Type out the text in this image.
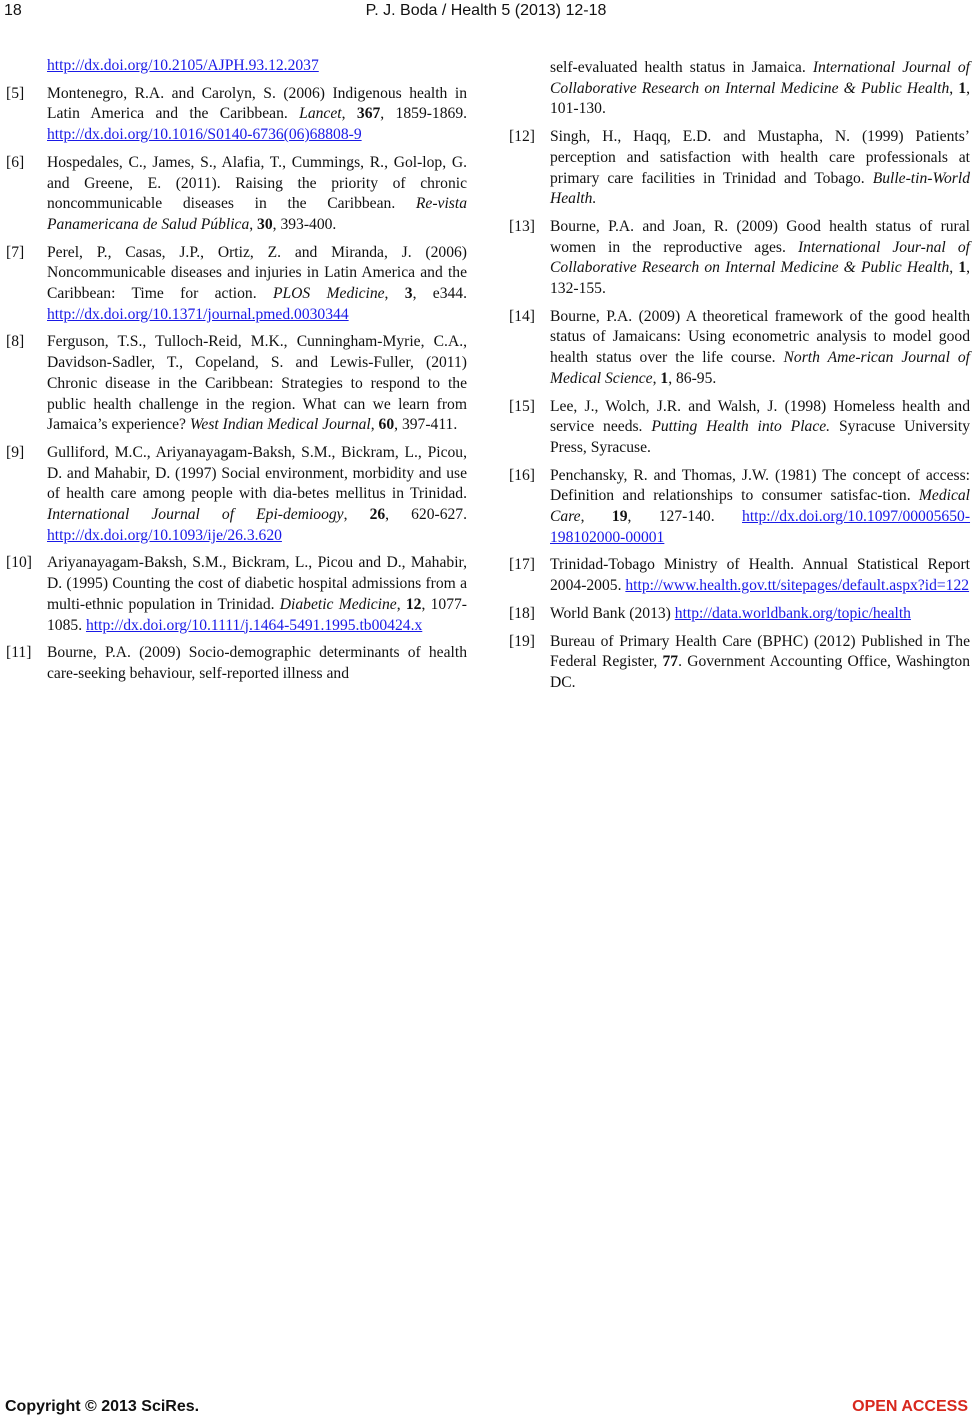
18	P. J. Boda / Health 5 (2013) 12-18
http://dx.doi.org/10.2105/AJPH.93.12.2037
[5]	Montenegro, R.A. and Carolyn, S. (2006) Indigenous health in Latin America and the Caribbean. Lancet, 367, 1859-1869. http://dx.doi.org/10.1016/S0140-6736(06)68808-9
[6]	Hospedales, C., James, S., Alafia, T., Cummings, R., Gol-lop, G. and Greene, E. (2011). Raising the priority of chronic noncommunicable diseases in the Caribbean. Re-vista Panamericana de Salud Pública, 30, 393-400.
[7]	Perel, P., Casas, J.P., Ortiz, Z. and Miranda, J. (2006) Noncommunicable diseases and injuries in Latin America and the Caribbean: Time for action. PLOS Medicine, 3, e344. http://dx.doi.org/10.1371/journal.pmed.0030344
[8]	Ferguson, T.S., Tulloch-Reid, M.K., Cunningham-Myrie, C.A., Davidson-Sadler, T., Copeland, S. and Lewis-Fuller, (2011) Chronic disease in the Caribbean: Strategies to respond to the public health challenge in the region. What can we learn from Jamaica’s experience? West Indian Medical Journal, 60, 397-411.
[9]	Gulliford, M.C., Ariyanayagam-Baksh, S.M., Bickram, L., Picou, D. and Mahabir, D. (1997) Social environment, morbidity and use of health care among people with dia-betes mellitus in Trinidad. International Journal of Epi-demioogy, 26, 620-627. http://dx.doi.org/10.1093/ije/26.3.620
[10] Ariyanayagam-Baksh, S.M., Bickram, L., Picou and D., Mahabir, D. (1995) Counting the cost of diabetic hospital admissions from a multi-ethnic population in Trinidad. Diabetic Medicine, 12, 1077-1085. http://dx.doi.org/10.1111/j.1464-5491.1995.tb00424.x
[11] Bourne, P.A. (2009) Socio-demographic determinants of health care-seeking behaviour, self-reported illness and
self-evaluated health status in Jamaica. International Journal of Collaborative Research on Internal Medicine & Public Health, 1, 101-130.
[12] Singh, H., Haqq, E.D. and Mustapha, N. (1999) Patients’ perception and satisfaction with health care professionals at primary care facilities in Trinidad and Tobago. Bulle-tin-World Health.
[13] Bourne, P.A. and Joan, R. (2009) Good health status of rural women in the reproductive ages. International Jour-nal of Collaborative Research on Internal Medicine & Public Health, 1, 132-155.
[14] Bourne, P.A. (2009) A theoretical framework of the good health status of Jamaicans: Using econometric analysis to model good health status over the life course. North Ame-rican Journal of Medical Science, 1, 86-95.
[15] Lee, J., Wolch, J.R. and Walsh, J. (1998) Homeless health and service needs. Putting Health into Place. Syracuse University Press, Syracuse.
[16] Penchansky, R. and Thomas, J.W. (1981) The concept of access: Definition and relationships to consumer satisfac-tion. Medical Care, 19, 127-140. http://dx.doi.org/10.1097/00005650-198102000-00001
[17] Trinidad-Tobago Ministry of Health. Annual Statistical Report 2004-2005. http://www.health.gov.tt/sitepages/default.aspx?id=122
[18] World Bank (2013) http://data.worldbank.org/topic/health
[19] Bureau of Primary Health Care (BPHC) (2012) Published in The Federal Register, 77. Government Accounting Office, Washington DC.
Copyright © 2013 SciRes.	OPEN ACCESS
